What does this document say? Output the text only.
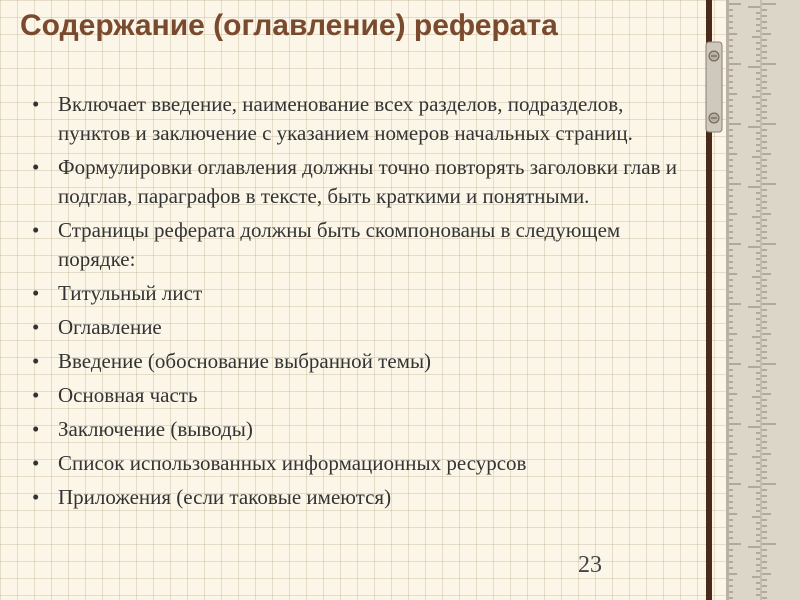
Содержание (оглавление) реферата
• Включает введение, наименование всех разделов, подразделов, пунктов и заключение с указанием номеров начальных страниц.
• Формулировки оглавления должны точно повторять заголовки глав и подглав, параграфов в тексте, быть краткими и понятными.
• Страницы реферата должны быть скомпонованы в следующем порядке:
• Титульный лист
• Оглавление
• Введение (обоснование выбранной темы)
• Основная часть
• Заключение (выводы)
• Список использованных информационных ресурсов
• Приложения (если таковые имеются)
23
